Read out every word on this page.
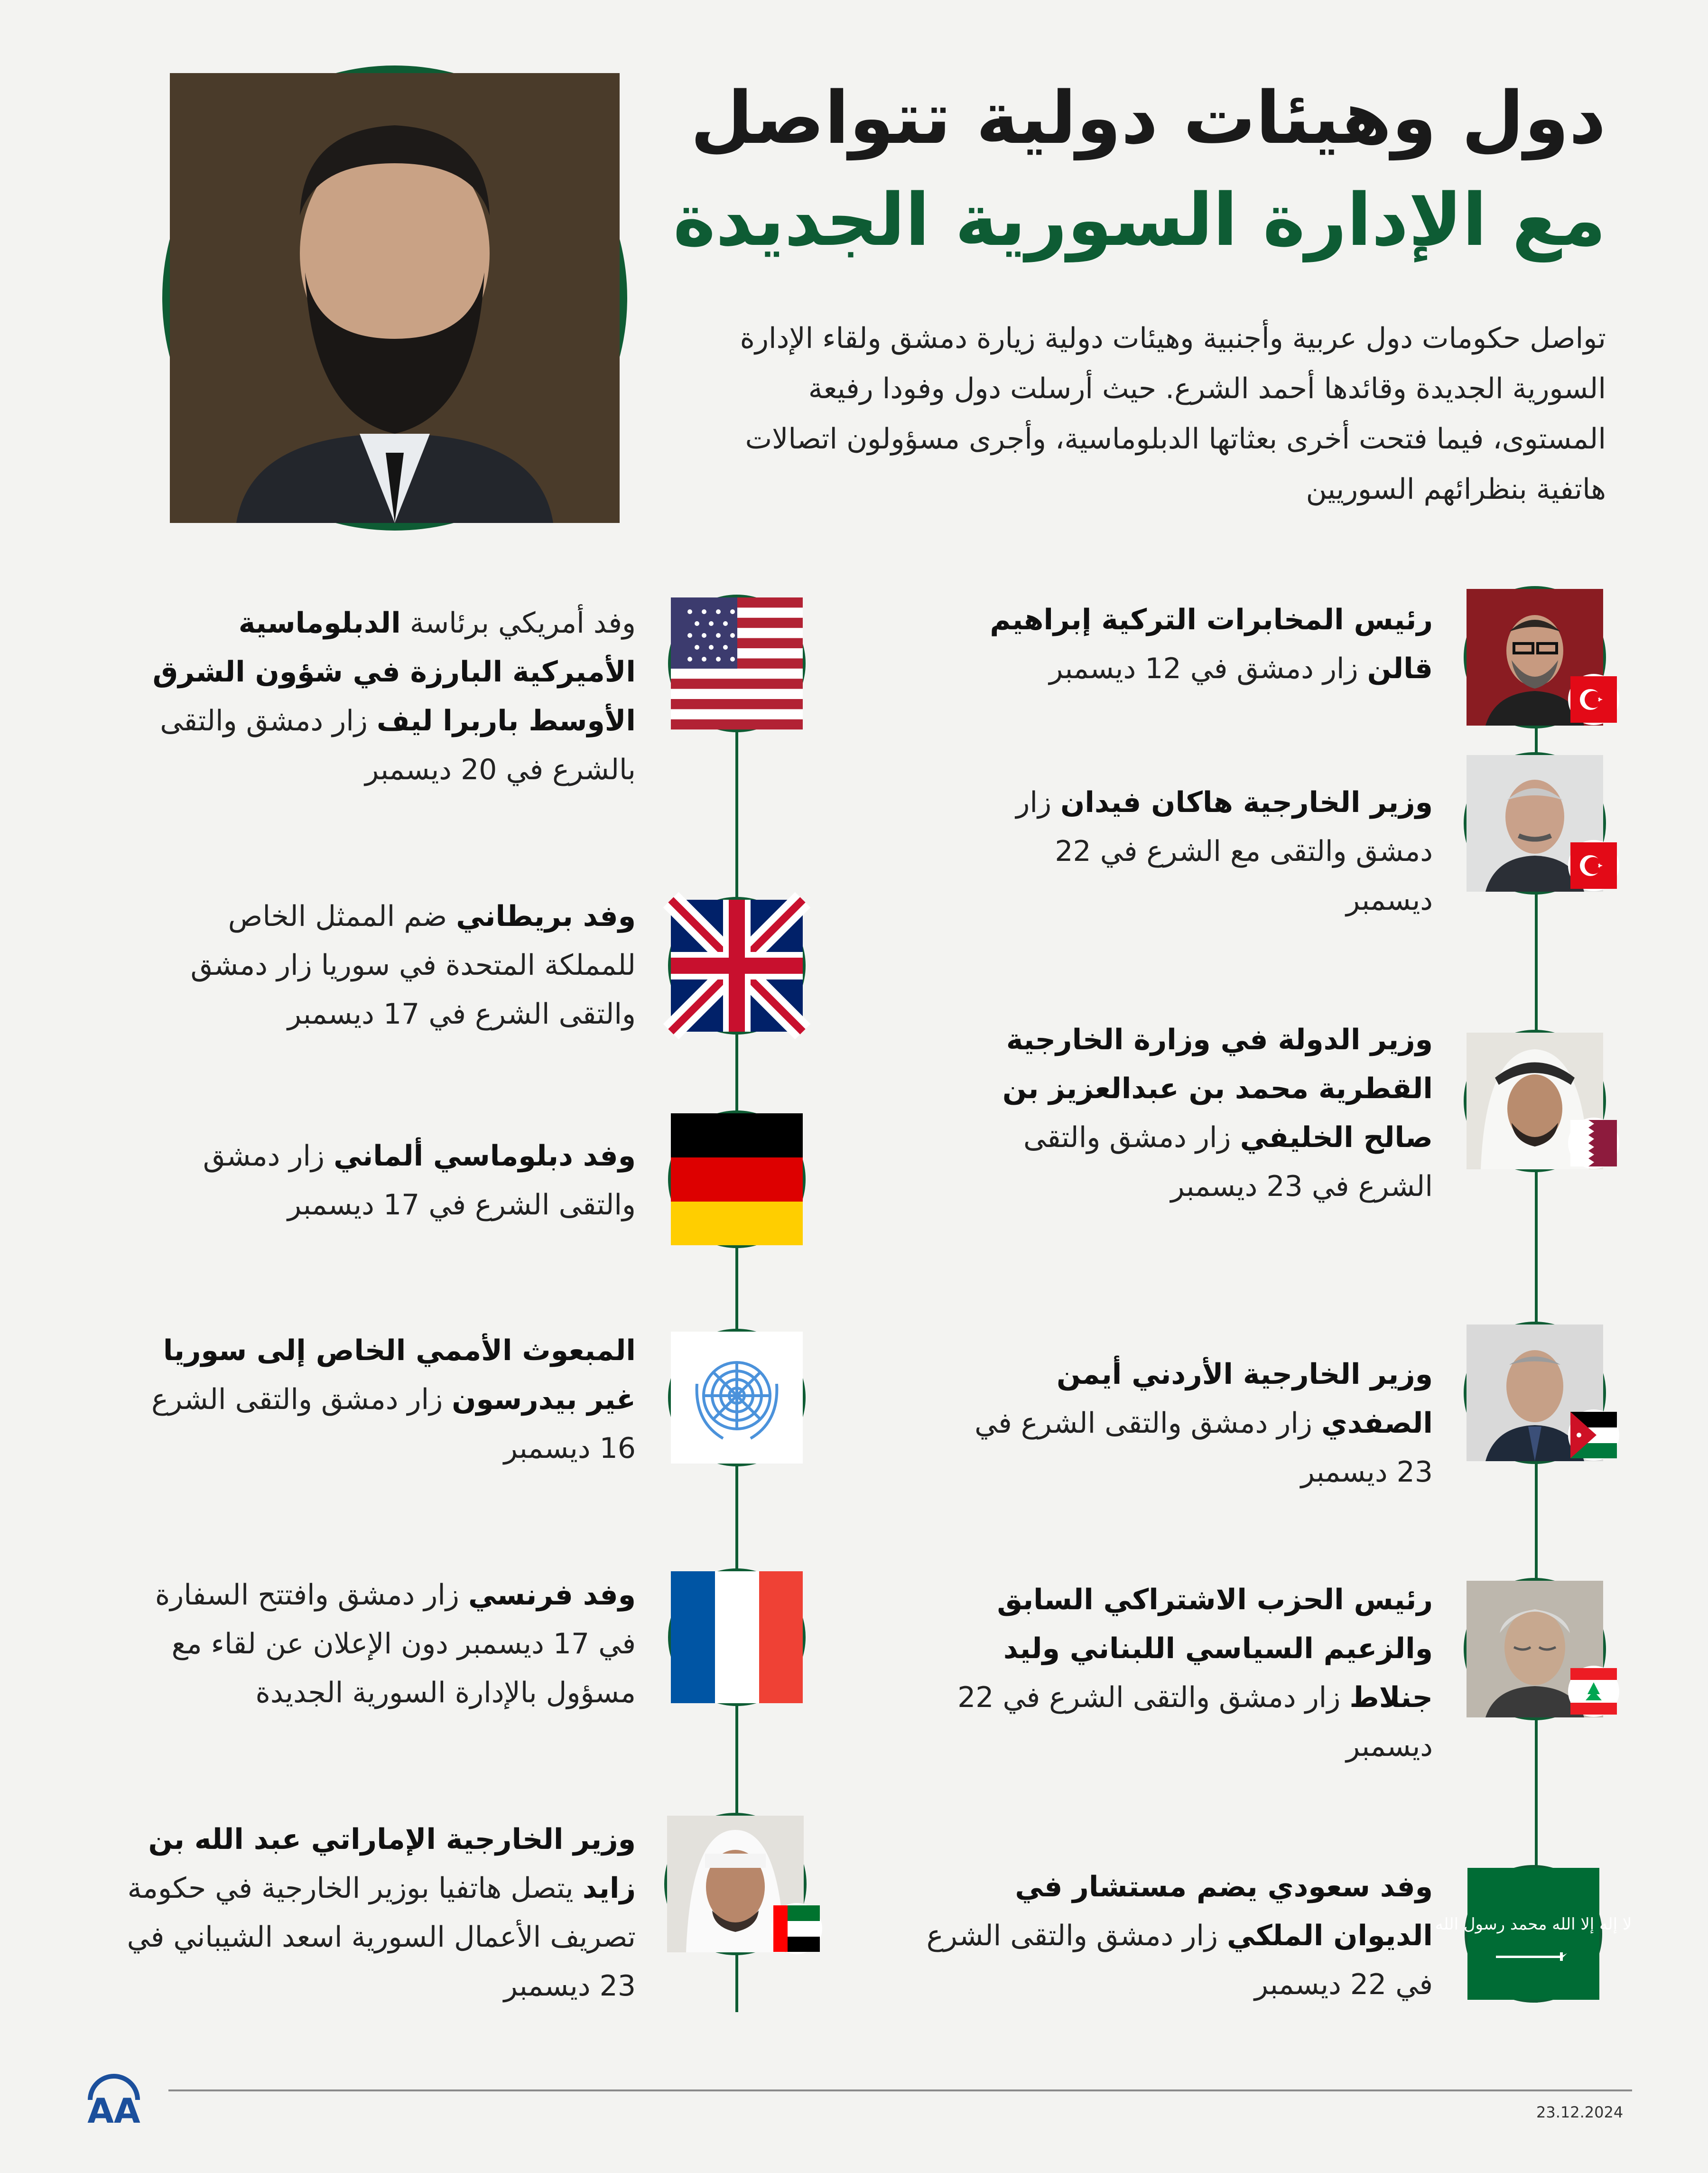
دول وهيئات دولية تتواصل
مع الإدارة السورية الجديدة
تواصل حكومات دول عربية وأجنبية وهيئات دولية زيارة دمشق ولقاء الإدارة السورية الجديدة وقائدها أحمد الشرع. حيث أرسلت دول وفودا رفيعة المستوى، فيما فتحت أخرى بعثاتها الدبلوماسية، وأجرى مسؤولون اتصالات هاتفية بنظرائهم السوريين
وفد أمريكي برئاسة الدبلوماسية الأميركية البارزة في شؤون الشرق الأوسط باربرا ليف زار دمشق والتقى بالشرع في 20 ديسمبر
وفد بريطاني ضم الممثل الخاص للمملكة المتحدة في سوريا زار دمشق والتقى الشرع في 17 ديسمبر
وفد دبلوماسي ألماني زار دمشق والتقى الشرع في 17 ديسمبر
المبعوث الأممي الخاص إلى سوريا غير بيدرسون زار دمشق والتقى الشرع 16 ديسمبر
وفد فرنسي زار دمشق وافتتح السفارة في 17 ديسمبر دون الإعلان عن لقاء مع مسؤول بالإدارة السورية الجديدة
وزير الخارجية الإماراتي عبد الله بن زايد يتصل هاتفيا بوزير الخارجية في حكومة تصريف الأعمال السورية اسعد الشيباني في 23 ديسمبر
رئيس المخابرات التركية إبراهيم قالن زار دمشق في 12 ديسمبر
وزير الخارجية هاكان فيدان زار دمشق والتقى مع الشرع في 22 ديسمبر
وزير الدولة في وزارة الخارجية القطرية محمد بن عبدالعزيز بن صالح الخليفي زار دمشق والتقى الشرع في 23 ديسمبر
وزير الخارجية الأردني أيمن الصفدي زار دمشق والتقى الشرع في 23 ديسمبر
رئيس الحزب الاشتراكي السابق والزعيم السياسي اللبناني وليد جنلاط زار دمشق والتقى الشرع في 22 ديسمبر
لا إله إلا الله محمد رسول الله
وفد سعودي يضم مستشار في الديوان الملكي زار دمشق والتقى الشرع في 22 ديسمبر
AA	23.12.2024
